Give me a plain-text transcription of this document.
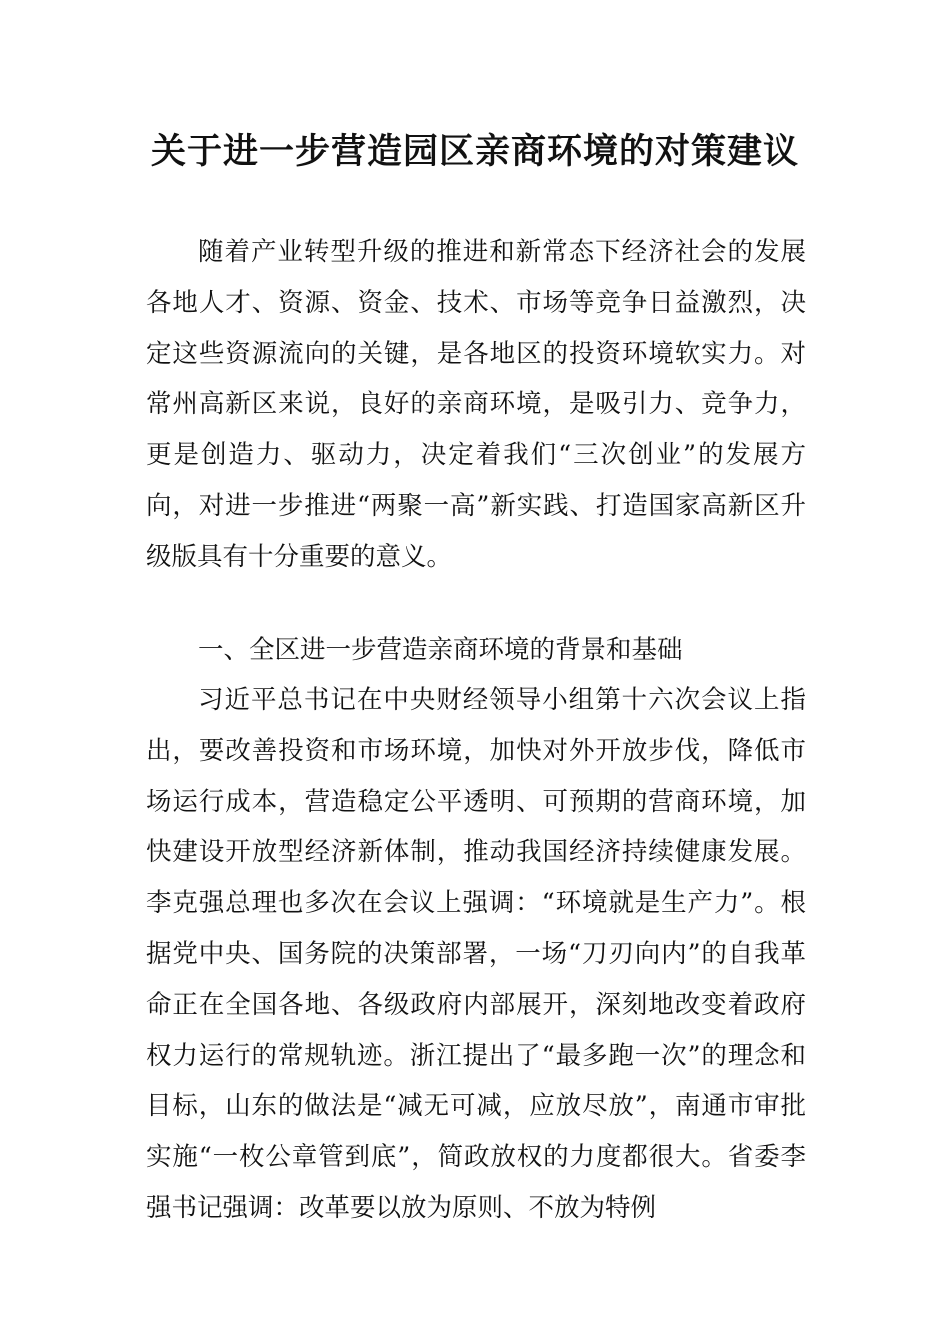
关于进一步营造园区亲商环境的对策建议

随着产业转型升级的推进和新常态下经济社会的发展各地人才、资源、资金、技术、市场等竞争日益激烈，决定这些资源流向的关键，是各地区的投资环境软实力。对常州高新区来说，良好的亲商环境，是吸引力、竞争力，更是创造力、驱动力，决定着我们“三次创业”的发展方向，对进一步推进“两聚一高”新实践、打造国家高新区升级版具有十分重要的意义。

一、全区进一步营造亲商环境的背景和基础

习近平总书记在中央财经领导小组第十六次会议上指出，要改善投资和市场环境，加快对外开放步伐，降低市场运行成本，营造稳定公平透明、可预期的营商环境，加快建设开放型经济新体制，推动我国经济持续健康发展。李克强总理也多次在会议上强调：“环境就是生产力”。根据党中央、国务院的决策部署，一场“刀刃向内”的自我革命正在全国各地、各级政府内部展开，深刻地改变着政府权力运行的常规轨迹。浙江提出了“最多跑一次”的理念和目标，山东的做法是“减无可减，应放尽放”，南通市审批实施“一枚公章管到底”，简政放权的力度都很大。省委李强书记强调：改革要以放为原则、不放为特例
